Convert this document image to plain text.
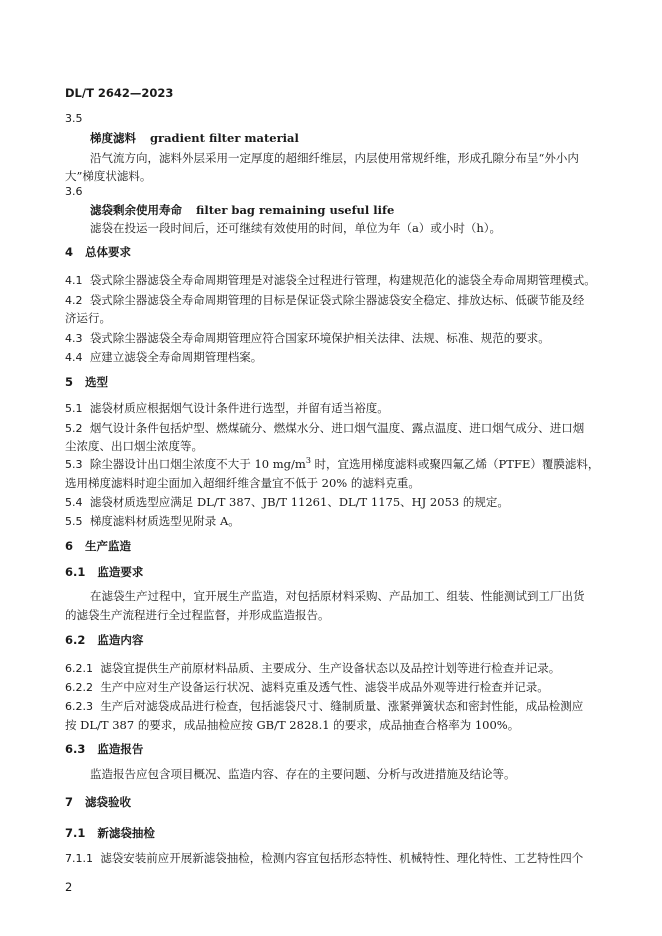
DL/T 2642—2023
3.5
梯度滤料 gradient filter material
沿气流方向，滤料外层采用一定厚度的超细纤维层，内层使用常规纤维，形成孔隙分布呈“外小内
大”梯度状滤料。
3.6
滤袋剩余使用寿命 filter bag remaining useful life
滤袋在投运一段时间后，还可继续有效使用的时间，单位为年（a）或小时（h）。
4 总体要求
4.1 袋式除尘器滤袋全寿命周期管理是对滤袋全过程进行管理，构建规范化的滤袋全寿命周期管理模式。
4.2 袋式除尘器滤袋全寿命周期管理的目标是保证袋式除尘器滤袋安全稳定、排放达标、低碳节能及经
济运行。
4.3 袋式除尘器滤袋全寿命周期管理应符合国家环境保护相关法律、法规、标准、规范的要求。
4.4 应建立滤袋全寿命周期管理档案。
5 选型
5.1 滤袋材质应根据烟气设计条件进行选型，并留有适当裕度。
5.2 烟气设计条件包括炉型、燃煤硫分、燃煤水分、进口烟气温度、露点温度、进口烟气成分、进口烟
尘浓度、出口烟尘浓度等。
5.3 除尘器设计出口烟尘浓度不大于 10 $mg/m^3$ 时，宜选用梯度滤料或聚四氟乙烯（PTFE）覆膜滤料，
选用梯度滤料时迎尘面加入超细纤维含量宜不低于 20% 的滤料克重。
5.4 滤袋材质选型应满足 DL/T 387、JB/T 11261、DL/T 1175、HJ 2053 的规定。
5.5 梯度滤料材质选型见附录 A。
6 生产监造
6.1 监造要求
在滤袋生产过程中，宜开展生产监造，对包括原材料采购、产品加工、组装、性能测试到工厂出货
的滤袋生产流程进行全过程监督，并形成监造报告。
6.2 监造内容
6.2.1 滤袋宜提供生产前原材料品质、主要成分、生产设备状态以及品控计划等进行检查并记录。
6.2.2 生产中应对生产设备运行状况、滤料克重及透气性、滤袋半成品外观等进行检查并记录。
6.2.3 生产后对滤袋成品进行检查，包括滤袋尺寸、缝制质量、涨紧弹簧状态和密封性能，成品检测应
按 DL/T 387 的要求，成品抽检应按 GB/T 2828.1 的要求，成品抽查合格率为 100%。
6.3 监造报告
监造报告应包含项目概况、监造内容、存在的主要问题、分析与改进措施及结论等。
7 滤袋验收
7.1 新滤袋抽检
7.1.1 滤袋安装前应开展新滤袋抽检，检测内容宜包括形态特性、机械特性、理化特性、工艺特性四个
2
